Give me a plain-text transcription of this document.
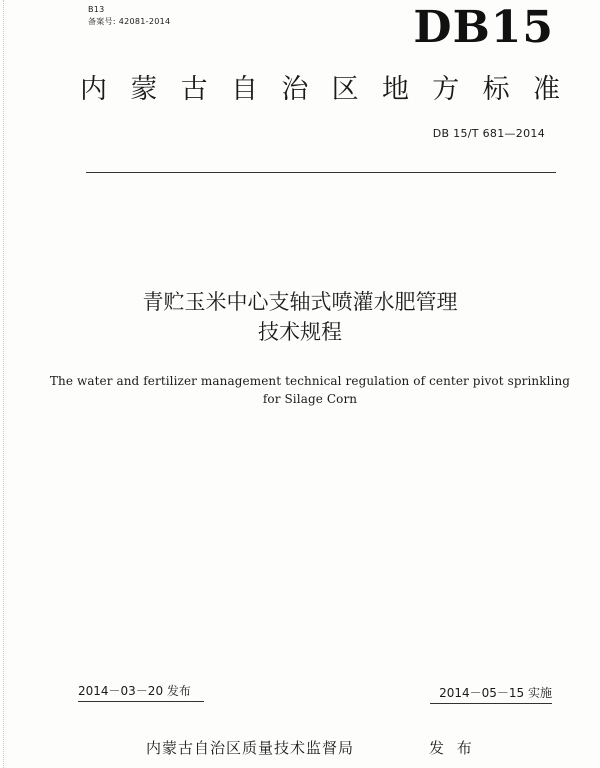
B13
备案号: 42081-2014	DB15
内 蒙 古 自 治 区 地 方 标 准
DB 15/T 681—2014
青贮玉米中心支轴式喷灌水肥管理
技术规程
The water and fertilizer management technical regulation of center pivot sprinkling
for Silage Corn
2014－03－20 发布	2014－05－15 实施
内蒙古自治区质量技术监督局	发 布
